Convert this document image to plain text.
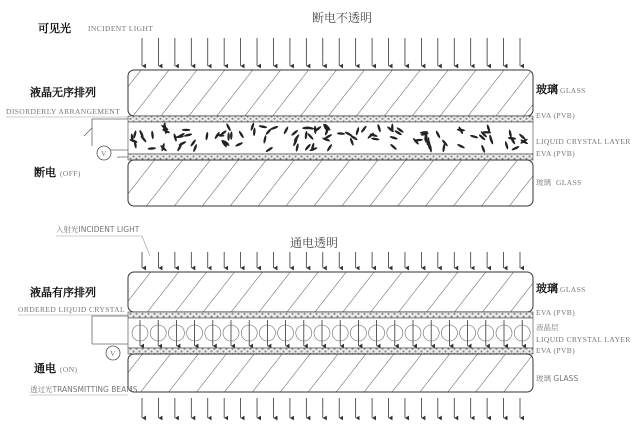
断电不透明
可见光 INCIDENT LIGHT
液晶无序排列
DISORDERLY ARRANGEMENT
V
断电 (OFF)
玻璃 GLASS
EVA (PVB)
LIQUID CRYSTAL LAYER
EVA (PVB)
玻璃 GLASS
入射光INCIDENT LIGHT
通电透明
液晶有序排列
ORDERED LIQUID CRYSTAL
V
通电 (ON)
透过光TRANSMITTING BEAMS
玻璃 GLASS
EVA (PVB)
液晶层
LIQUID CRYSTAL LAYER
EVA (PVB)
玻璃 GLASS
